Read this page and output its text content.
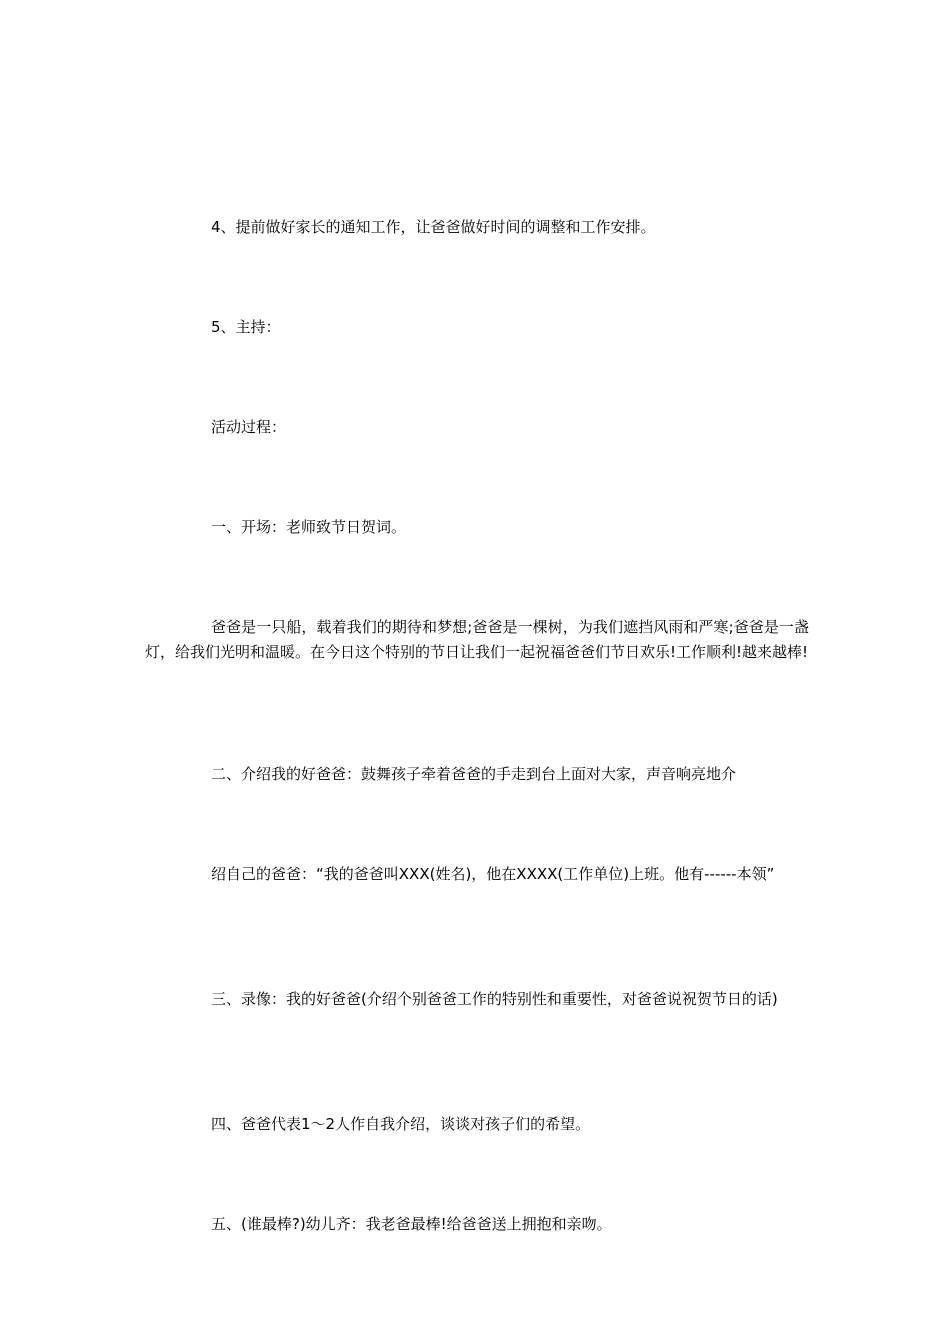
4、提前做好家长的通知工作，让爸爸做好时间的调整和工作安排。

5、主持：

活动过程：

一、开场：老师致节日贺词。

爸爸是一只船，载着我们的期待和梦想;爸爸是一棵树，为我们遮挡风雨和严寒;爸爸是一盏灯，给我们光明和温暖。在今日这个特别的节日让我们一起祝福爸爸们节日欢乐!工作顺利!越来越棒!

二、介绍我的好爸爸：鼓舞孩子牵着爸爸的手走到台上面对大家，声音响亮地介

绍自己的爸爸：“我的爸爸叫XXX(姓名)，他在XXXX(工作单位)上班。他有------本领”

三、录像：我的好爸爸(介绍个别爸爸工作的特别性和重要性，对爸爸说祝贺节日的话)

四、爸爸代表1～2人作自我介绍，谈谈对孩子们的希望。

五、(谁最棒?)幼儿齐：我老爸最棒!给爸爸送上拥抱和亲吻。
